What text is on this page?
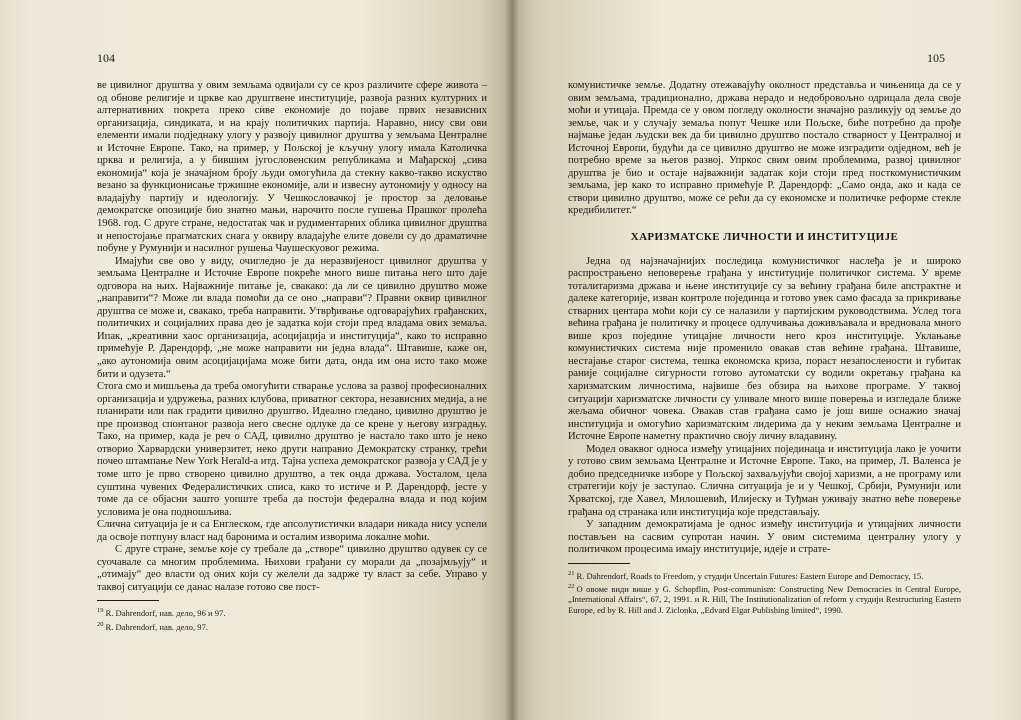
104

ве цивилног друштва у овим земљама одвијали су се кроз различите сфере живота – од обнове религије и цркве као друштвене институције, развоја разних културних и алтернативних покрета преко сиве економије до појаве првих независних организација, синдиката, и на крају политичких партија. Наравно, нису сви ови елементи имали подједнаку улогу у развоју цивилног друштва у земљама Централне и Источне Европе. Тако, на пример, у Пољској је кључну улогу имала Католичка црква и религија, а у бившим југословенским републикама и Мађарској „сива економија“ која је значајном броју људи омогућила да стекну какво-такво искуство везано за функционисање тржишне економије, али и извесну аутономију у односу на владајућу партију и идеологију. У Чешкословачкој је простор за деловање демократске опозиције био знатно мањи, нарочито после гушења Прашког пролећа 1968. год. С друге стране, недостатак чак и рудиментарних облика цивилног друштва и непостојање прагматских снага у оквиру владајуће елите довели су до драматичне побуне у Румунији и насилног рушења Чаушескуовог режима.

Имајући све ово у виду, очигледно је да неразвијеност цивилног друштва у земљама Централне и Источне Европе покреће много више питања него што даје одговора на њих. Најважније питање је, свакако: да ли се цивилно друштво може „направити“? Може ли влада помоћи да се оно „направи“? Правни оквир цивилног друштва се може и, свакако, треба направити. Утврђивање одговарајућих грађанских, политичких и социјалних права део је задатка који стоји пред владама ових земаља. Ипак, „креативни хаос организација, асоцијација и институција“, како то исправно примећује Р. Дарендорф, „не може направити ни једна влада“. Штавише, каже он, „ако аутономија овим асоцијацијама може бити дата, онда им она исто тако може бити и одузета.“

Стога смо и мишљења да треба омогућити стварање услова за развој професионалних организација и удружења, разних клубова, приватног сектора, независних медија, а не планирати или пак градити цивилно друштво. Идеално гледано, цивилно друштво је пре производ спонтаног развоја него свесне одлуке да се крене у његову изградњу. Тако, на пример, када је реч о САД, цивилно друштво је настало тако што је неко отворио Харвардски универзитет, неко други направио Демократску странку, трећи почео штампање New York Herald-a итд. Тајна успеха демократског развоја у САД је у томе што је прво створено цивилно друштво, а тек онда држава. Уосталом, цела суштина чувених Федералистичких списа, како то истиче и Р. Дарендорф, јесте у томе да се објасни зашто уопште треба да постоји федерална влада и под којим условима је она подношљива.

Слична ситуација је и са Енглеском, где апсолутистички владари никада нису успели да освоје потпуну власт над баронима и осталим изворима локалне моћи.

С друге стране, земље које су требале да „створе“ цивилно друштво одувек су се суочавале са многим проблемима. Њихови грађани су морали да „позајмљују“ и „отимају“ део власти од оних који су желели да задрже ту власт за себе. Управо у таквој ситуацији се данас налазе готово све пост-

$^{19}$ R. Dahrendorf, нав. дело, 96 и 97.
$^{20}$ R. Dahrendorf, нав. дело, 97.
105

комунистичке земље. Додатну отежавајућу околност представља и чињеница да се у овим земљама, традиционално, држава нерадо и недобровољно одрицала дела своје моћи и утицаја. Премда се у овом погледу околности значајно разликују од земље до земље, чак и у случају земаља попут Чешке или Пољске, биће потребно да прође најмање један људски век да би цивилно друштво постало стварност у Централној и Источној Европи, будући да се цивилно друштво не може изградити одједном, већ је потребно време за његов развој. Упркос свим овим проблемима, развој цивилног друштва је био и остаје најважнији задатак који стоји пред посткомунистичким земљама, јер како то исправно примећује Р. Дарендорф: „Само онда, ако и када се створи цивилно друштво, може се рећи да су економске и политичке реформе стекле кредибилитет.“

ХАРИЗМАТСКЕ ЛИЧНОСТИ И ИНСТИТУЦИЈЕ

Једна од најзначајнијих последица комунистичког наслеђа је и широко распрострањено неповерење грађана у институције политичког система. У време тоталитаризма држава и њене институције су за већину грађана биле апстрактне и далеке категорије, изван контроле појединца и готово увек само фасада за прикривање стварних центара моћи који су се налазили у партијским руководствима. Услед тога већина грађана је политичку и процесе одлучивања доживљавала и вредновала много више кроз поједине утицајне личности него кроз институције. Уклањање комунистичких система није променило овакав став већине грађана. Штавише, нестајање старог система, тешка економска криза, пораст незапослености и губитак раније социјалне сигурности готово аутоматски су водили окретању грађана ка харизматским личностима, највише без обзира на њихове програме. У таквој ситуацији харизматске личности су уливале много више поверења и изгледале ближе жељама обичног човека. Овакав став грађана само је још више оснажио значај институција и омогућио харизматским лидерима да у неким земљама Централне и Источне Европе наметну практично своју личну владавину.

Модел оваквог односа између утицајних појединаца и институција лако је уочити у готово свим земљама Централне и Источне Европе. Тако, на пример, Л. Валенса је добио председничке изборе у Пољској захваљујући својој харизми, а не програму или стратегији коју је заступао. Слична ситуација је и у Чешкој, Србији, Румунији или Хрватској, где Хавел, Милошевић, Илијеску и Туђман уживају знатно веће поверење грађана од странака или институција које представљају.

У западним демократијама је однос између институција и утицајних личности постављен на сасвим супротан начин. У овим системима централну улогу у политичком процесима имају институције, идеје и страте-

$^{21}$ R. Dahrendorf, Roads to Freedom, у студији Uncertain Futures: Eastern Europe and Democracy, 15.
$^{22}$ О овоме види више у G. Schopflin, Post-communism: Constructing New Democracies in Central Europe, „International Affairs“, 67, 2, 1991. и R. Hill, The Institutionalization of reform у студији Restructuring Eastern Europe, ed by R. Hill and J. Ziclonka, „Edvard Elgar Publishing limited“, 1990.
